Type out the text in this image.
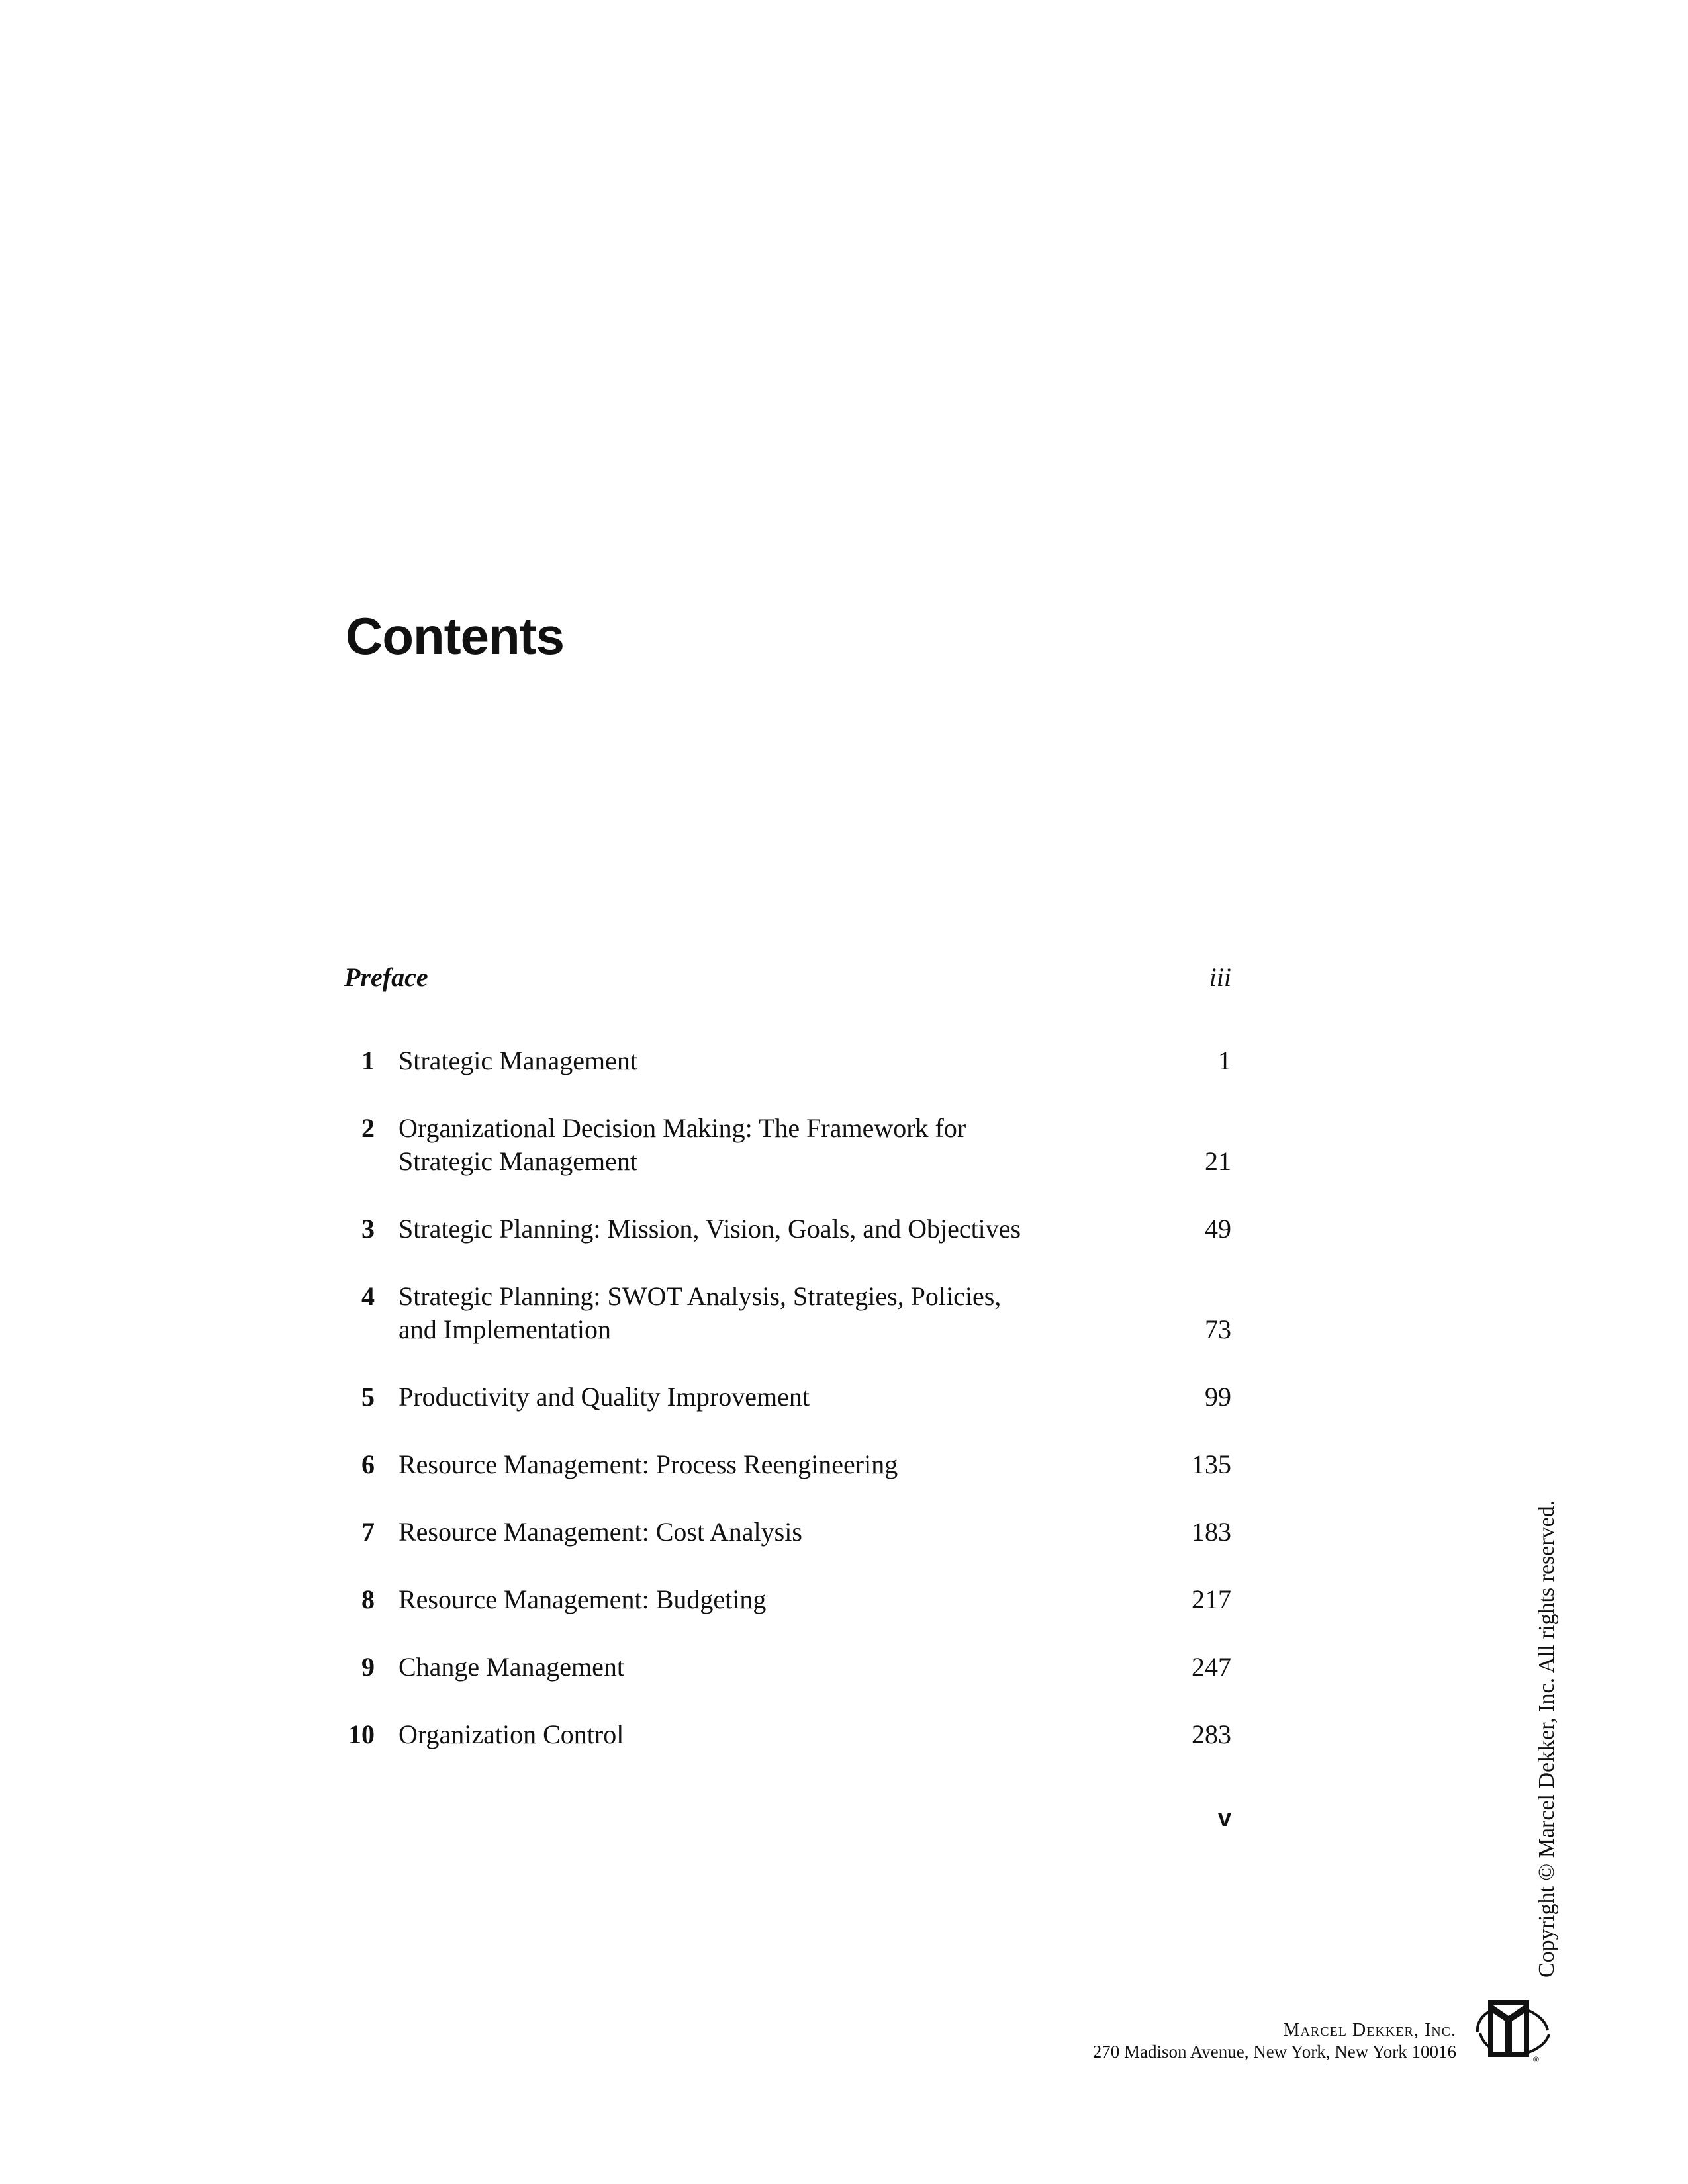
Contents
Preface	iii
1 Strategic Management	1
2 Organizational Decision Making: The Framework for
Strategic Management	21
3 Strategic Planning: Mission, Vision, Goals, and Objectives	49
4 Strategic Planning: SWOT Analysis, Strategies, Policies,
and Implementation	73
5 Productivity and Quality Improvement	99
6 Resource Management: Process Reengineering	135
7 Resource Management: Cost Analysis	183
8 Resource Management: Budgeting	217
9 Change Management	247
10 Organization Control	283
v	Copyright © Marcel Dekker, Inc. All rights reserved.
Marcel Dekker, Inc.
270 Madison Avenue, New York, New York 10016	®
